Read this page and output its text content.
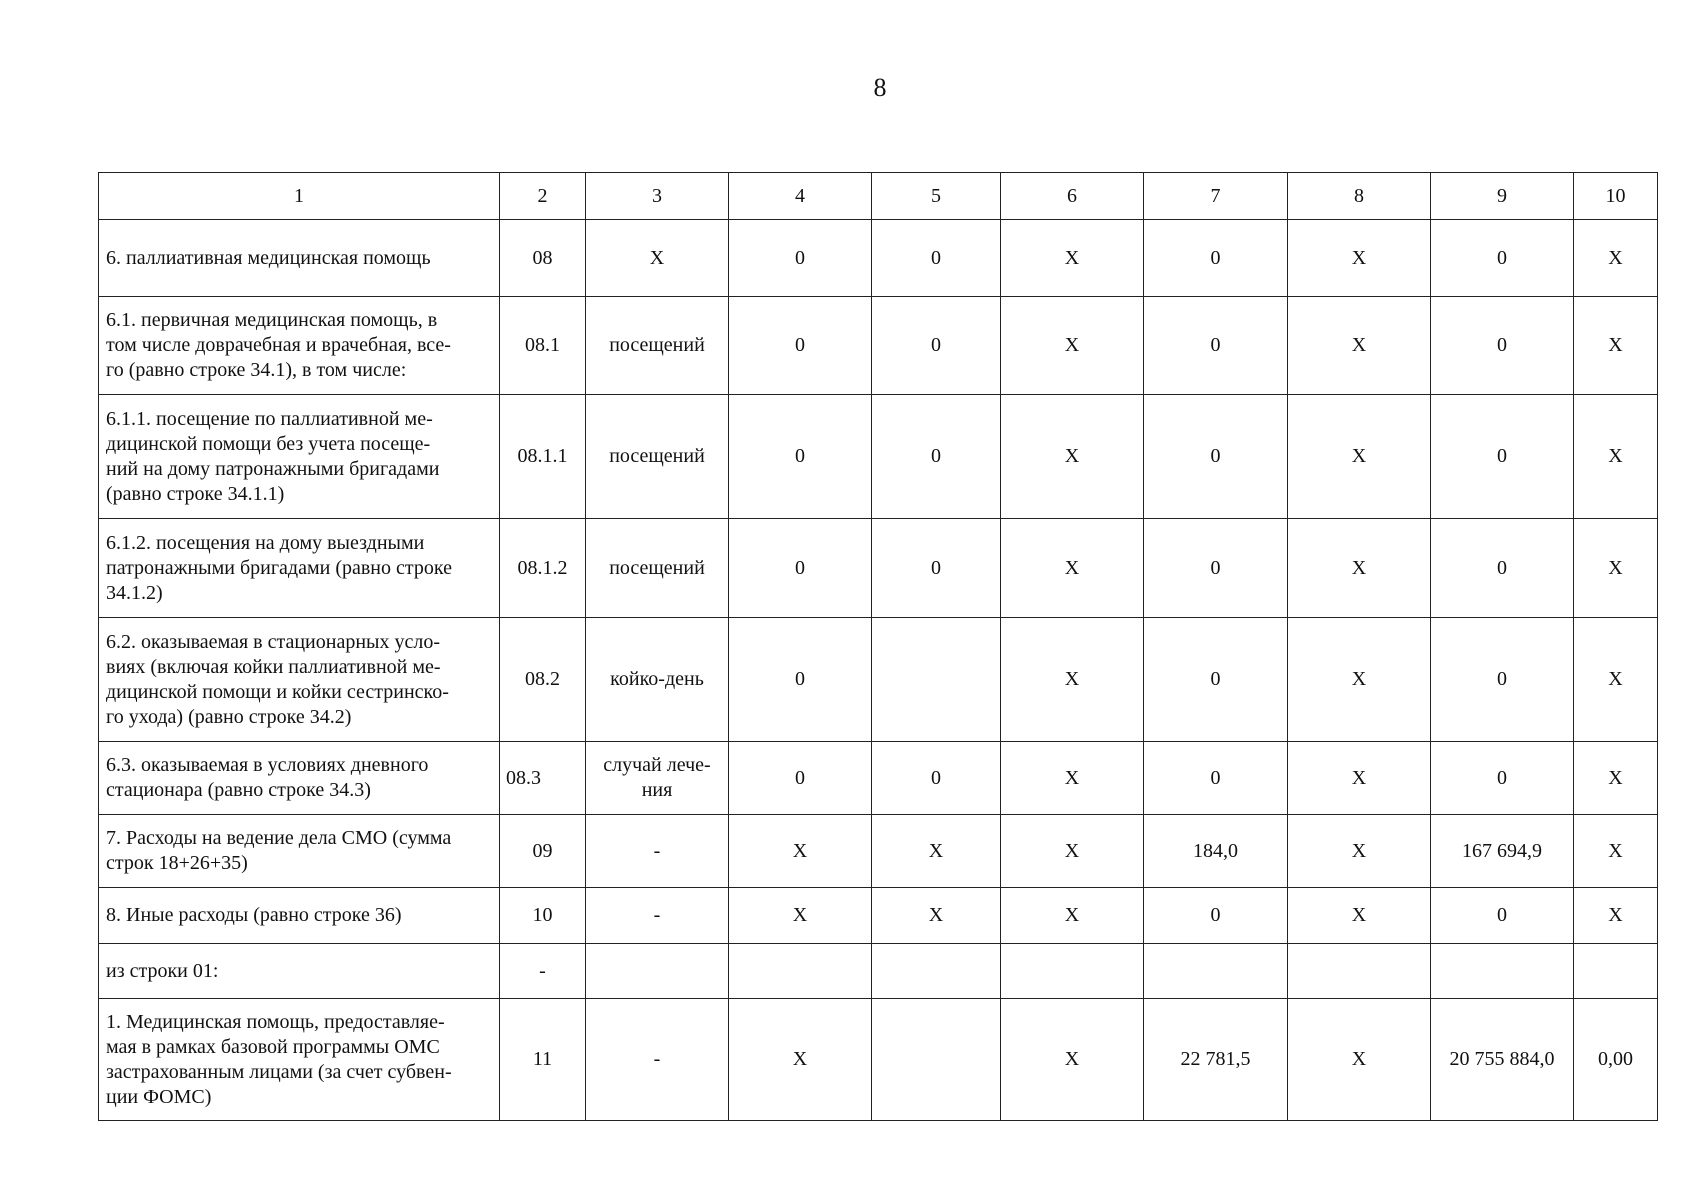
8
1	2	3	4	5	6	7	8	9	10

6. паллиативная медицинская помощь	08	Х	0	0	Х	0	Х	0	Х

6.1. первичная медицинская помощь, в
том числе доврачебная и врачебная, все-
го (равно строке 34.1), в том числе:	08.1	посещений	0	0	Х	0	Х	0	Х

6.1.1. посещение по паллиативной ме-
дицинской помощи без учета посеще-
ний на дому патронажными бригадами
(равно строке 34.1.1)	08.1.1	посещений	0	0	Х	0	Х	0	Х

6.1.2. посещения на дому выездными
патронажными бригадами (равно строке
34.1.2)	08.1.2	посещений	0	0	Х	0	Х	0	Х

6.2. оказываемая в стационарных усло-
виях (включая койки паллиативной ме-
дицинской помощи и койки сестринско-
го ухода) (равно строке 34.2)	08.2	койко-день	0		Х	0	Х	0	Х

6.3. оказываемая в условиях дневного
стационара (равно строке 34.3)	08.3	случай лече-
ния	0	0	Х	0	Х	0	Х

7. Расходы на ведение дела СМО (сумма
строк 18+26+35)	09	-	Х	Х	Х	184,0	Х	167 694,9	Х

8. Иные расходы (равно строке 36)	10	-	Х	Х	Х	0	Х	0	Х

из строки 01:	-								

1. Медицинская помощь, предоставляе-
мая в рамках базовой программы ОМС
застрахованным лицами (за счет субвен-
ции ФОМС)	11	-	Х		Х	22 781,5	Х	20 755 884,0	0,00
